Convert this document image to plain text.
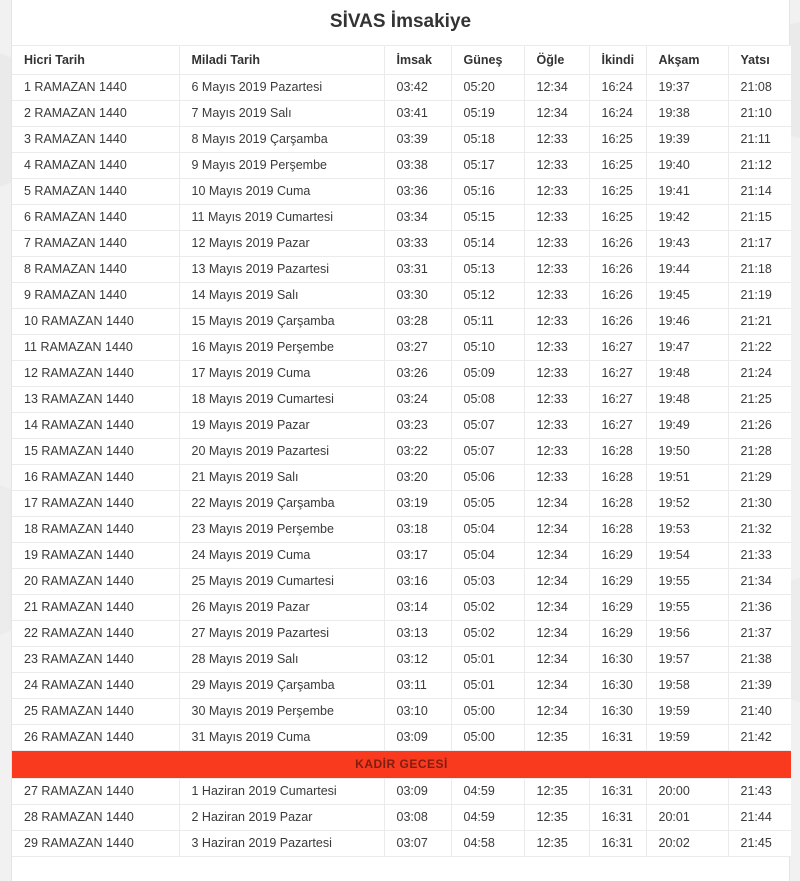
SİVAS İmsakiye
Hicri Tarih	Miladi Tarih	İmsak	Güneş	Öğle	İkindi	Akşam	Yatsı
1 RAMAZAN 1440	6 Mayıs 2019 Pazartesi	03:42	05:20	12:34	16:24	19:37	21:08
2 RAMAZAN 1440	7 Mayıs 2019 Salı	03:41	05:19	12:34	16:24	19:38	21:10
3 RAMAZAN 1440	8 Mayıs 2019 Çarşamba	03:39	05:18	12:33	16:25	19:39	21:11
4 RAMAZAN 1440	9 Mayıs 2019 Perşembe	03:38	05:17	12:33	16:25	19:40	21:12
5 RAMAZAN 1440	10 Mayıs 2019 Cuma	03:36	05:16	12:33	16:25	19:41	21:14
6 RAMAZAN 1440	11 Mayıs 2019 Cumartesi	03:34	05:15	12:33	16:25	19:42	21:15
7 RAMAZAN 1440	12 Mayıs 2019 Pazar	03:33	05:14	12:33	16:26	19:43	21:17
8 RAMAZAN 1440	13 Mayıs 2019 Pazartesi	03:31	05:13	12:33	16:26	19:44	21:18
9 RAMAZAN 1440	14 Mayıs 2019 Salı	03:30	05:12	12:33	16:26	19:45	21:19
10 RAMAZAN 1440	15 Mayıs 2019 Çarşamba	03:28	05:11	12:33	16:26	19:46	21:21
11 RAMAZAN 1440	16 Mayıs 2019 Perşembe	03:27	05:10	12:33	16:27	19:47	21:22
12 RAMAZAN 1440	17 Mayıs 2019 Cuma	03:26	05:09	12:33	16:27	19:48	21:24
13 RAMAZAN 1440	18 Mayıs 2019 Cumartesi	03:24	05:08	12:33	16:27	19:48	21:25
14 RAMAZAN 1440	19 Mayıs 2019 Pazar	03:23	05:07	12:33	16:27	19:49	21:26
15 RAMAZAN 1440	20 Mayıs 2019 Pazartesi	03:22	05:07	12:33	16:28	19:50	21:28
16 RAMAZAN 1440	21 Mayıs 2019 Salı	03:20	05:06	12:33	16:28	19:51	21:29
17 RAMAZAN 1440	22 Mayıs 2019 Çarşamba	03:19	05:05	12:34	16:28	19:52	21:30
18 RAMAZAN 1440	23 Mayıs 2019 Perşembe	03:18	05:04	12:34	16:28	19:53	21:32
19 RAMAZAN 1440	24 Mayıs 2019 Cuma	03:17	05:04	12:34	16:29	19:54	21:33
20 RAMAZAN 1440	25 Mayıs 2019 Cumartesi	03:16	05:03	12:34	16:29	19:55	21:34
21 RAMAZAN 1440	26 Mayıs 2019 Pazar	03:14	05:02	12:34	16:29	19:55	21:36
22 RAMAZAN 1440	27 Mayıs 2019 Pazartesi	03:13	05:02	12:34	16:29	19:56	21:37
23 RAMAZAN 1440	28 Mayıs 2019 Salı	03:12	05:01	12:34	16:30	19:57	21:38
24 RAMAZAN 1440	29 Mayıs 2019 Çarşamba	03:11	05:01	12:34	16:30	19:58	21:39
25 RAMAZAN 1440	30 Mayıs 2019 Perşembe	03:10	05:00	12:34	16:30	19:59	21:40
26 RAMAZAN 1440	31 Mayıs 2019 Cuma	03:09	05:00	12:35	16:31	19:59	21:42
KADİR GECESİ							
27 RAMAZAN 1440	1 Haziran 2019 Cumartesi	03:09	04:59	12:35	16:31	20:00	21:43
28 RAMAZAN 1440	2 Haziran 2019 Pazar	03:08	04:59	12:35	16:31	20:01	21:44
29 RAMAZAN 1440	3 Haziran 2019 Pazartesi	03:07	04:58	12:35	16:31	20:02	21:45
